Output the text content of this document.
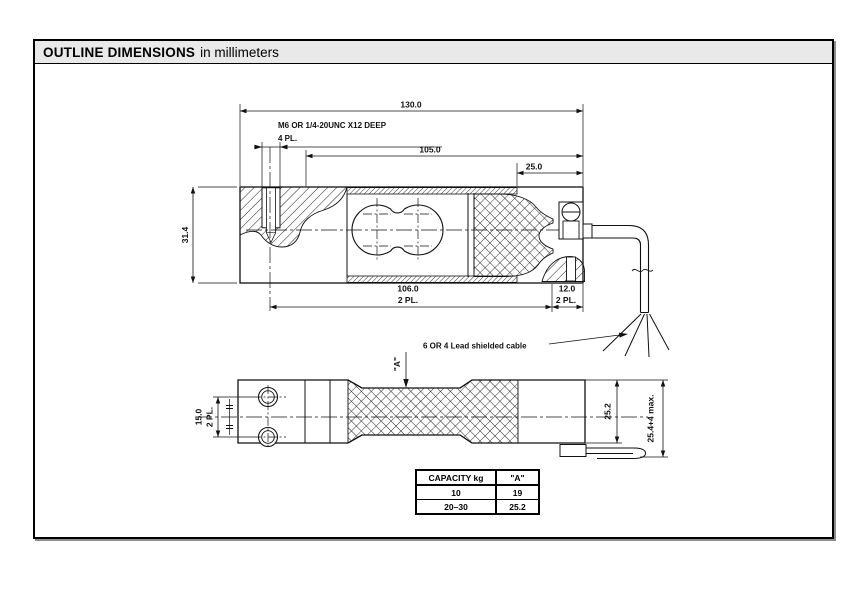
OUTLINE DIMENSIONS in millimeters
130.0
M6 OR 1/4-20UNC X12 DEEP
4 PL.
105.0
25.0
31.4
106.0
2 PL.
12.0
2 PL.
6 OR 4 Lead shielded cable
"A"
15.0 2 PL.	25.2	25.4+4 max.
CAPACITY kg	"A"
10	19
20–30	25.2
